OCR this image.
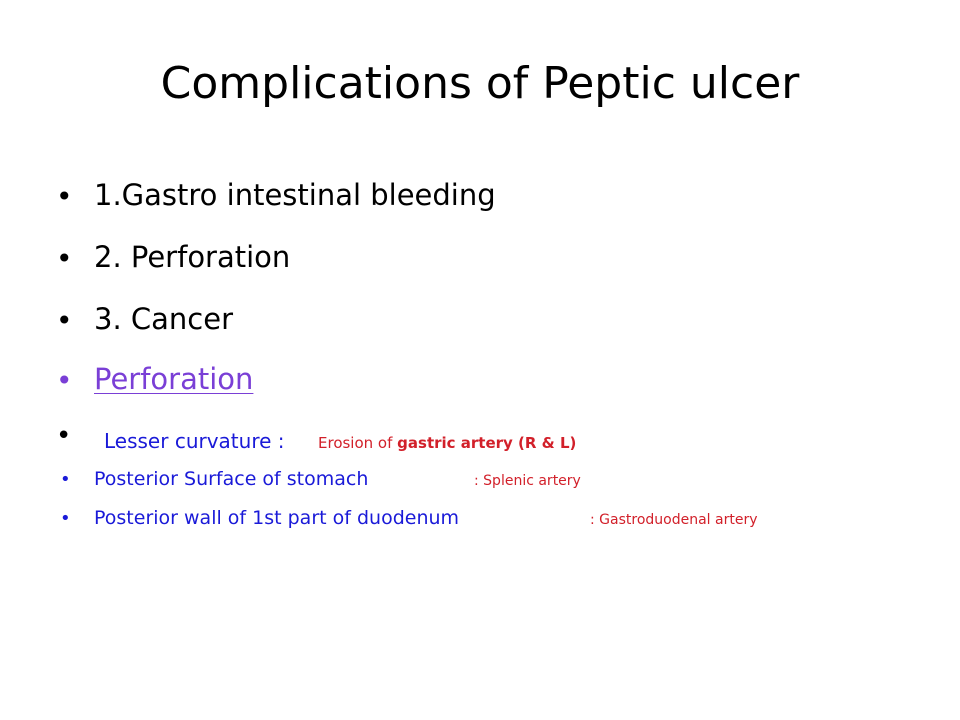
Complications of Peptic ulcer
• 1.Gastro intestinal bleeding
• 2. Perforation
• 3. Cancer
• Perforation
• Lesser curvature : Erosion of gastric artery (R & L)
• Posterior Surface of stomach	: Splenic artery
• Posterior wall of 1st part of duodenum	: Gastroduodenal artery
